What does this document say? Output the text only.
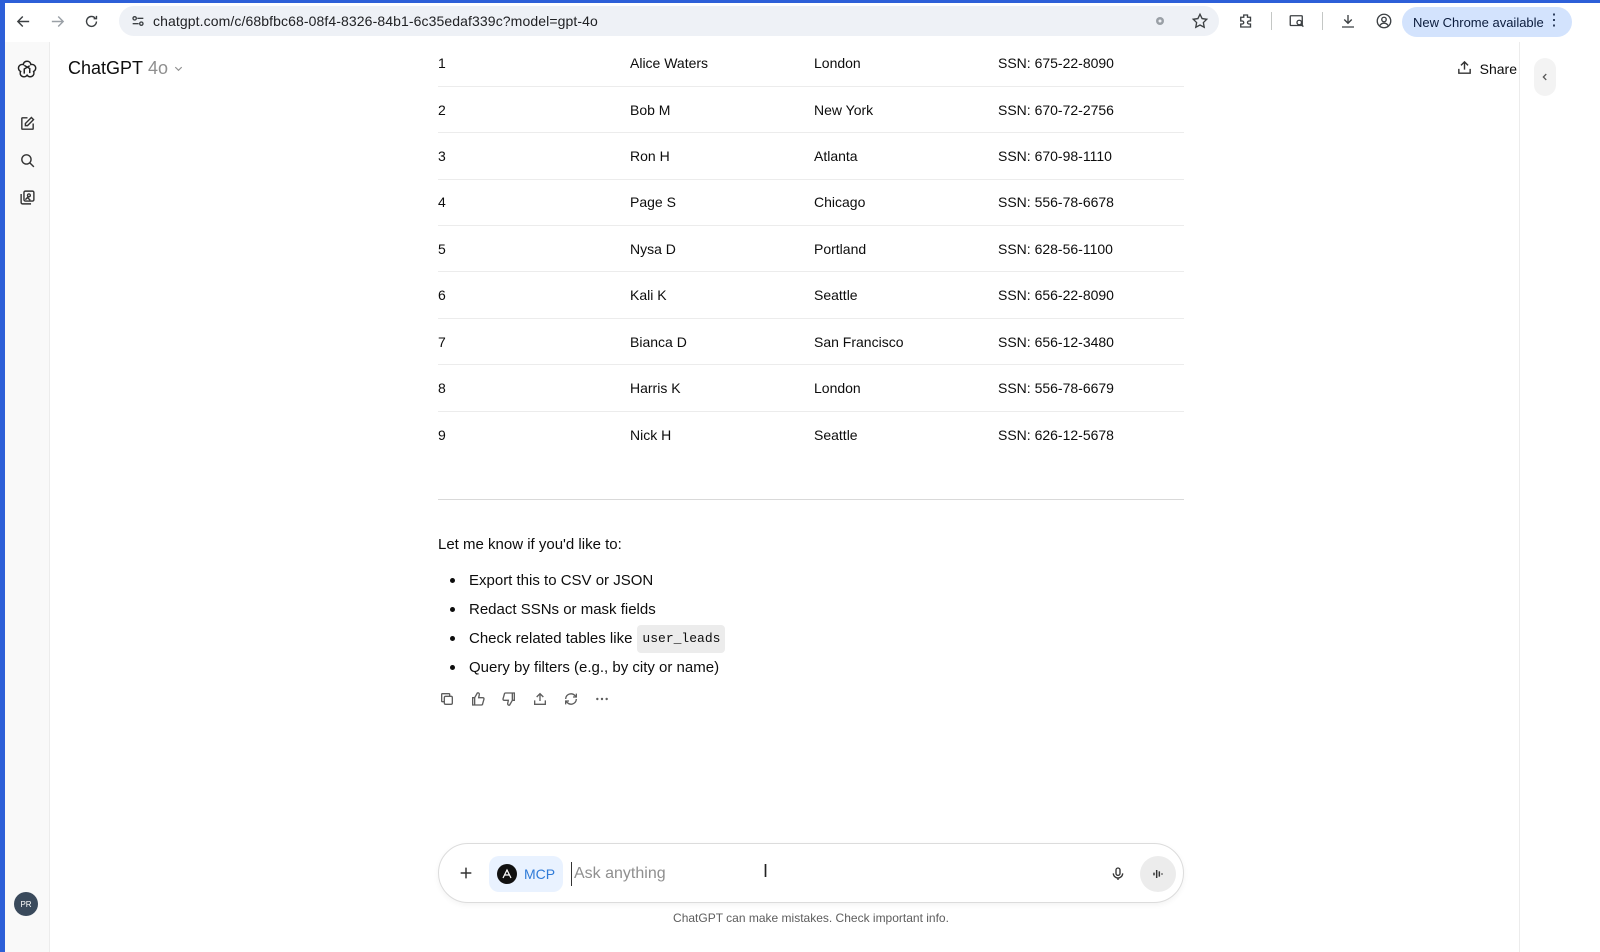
chatgpt.com/c/68bfbc68-08f4-8326-84b1-6c35edaf339c?model=gpt-4o	New Chrome available ⋮
PR
ChatGPT 4o	Share
1	Alice Waters	London	SSN: 675-22-8090
2	Bob M	New York	SSN: 670-72-2756
3	Ron H	Atlanta	SSN: 670-98-1110
4	Page S	Chicago	SSN: 556-78-6678
5	Nysa D	Portland	SSN: 628-56-1100
6	Kali K	Seattle	SSN: 656-22-8090
7	Bianca D	San Francisco	SSN: 656-12-3480
8	Harris K	London	SSN: 556-78-6679
9	Nick H	Seattle	SSN: 626-12-5678
Let me know if you'd like to:
Export this to CSV or JSON
Redact SSNs or mask fields
Check related tables like user_leads
Query by filters (e.g., by city or name)
MCP
Ask anything	I
ChatGPT can make mistakes. Check important info.
